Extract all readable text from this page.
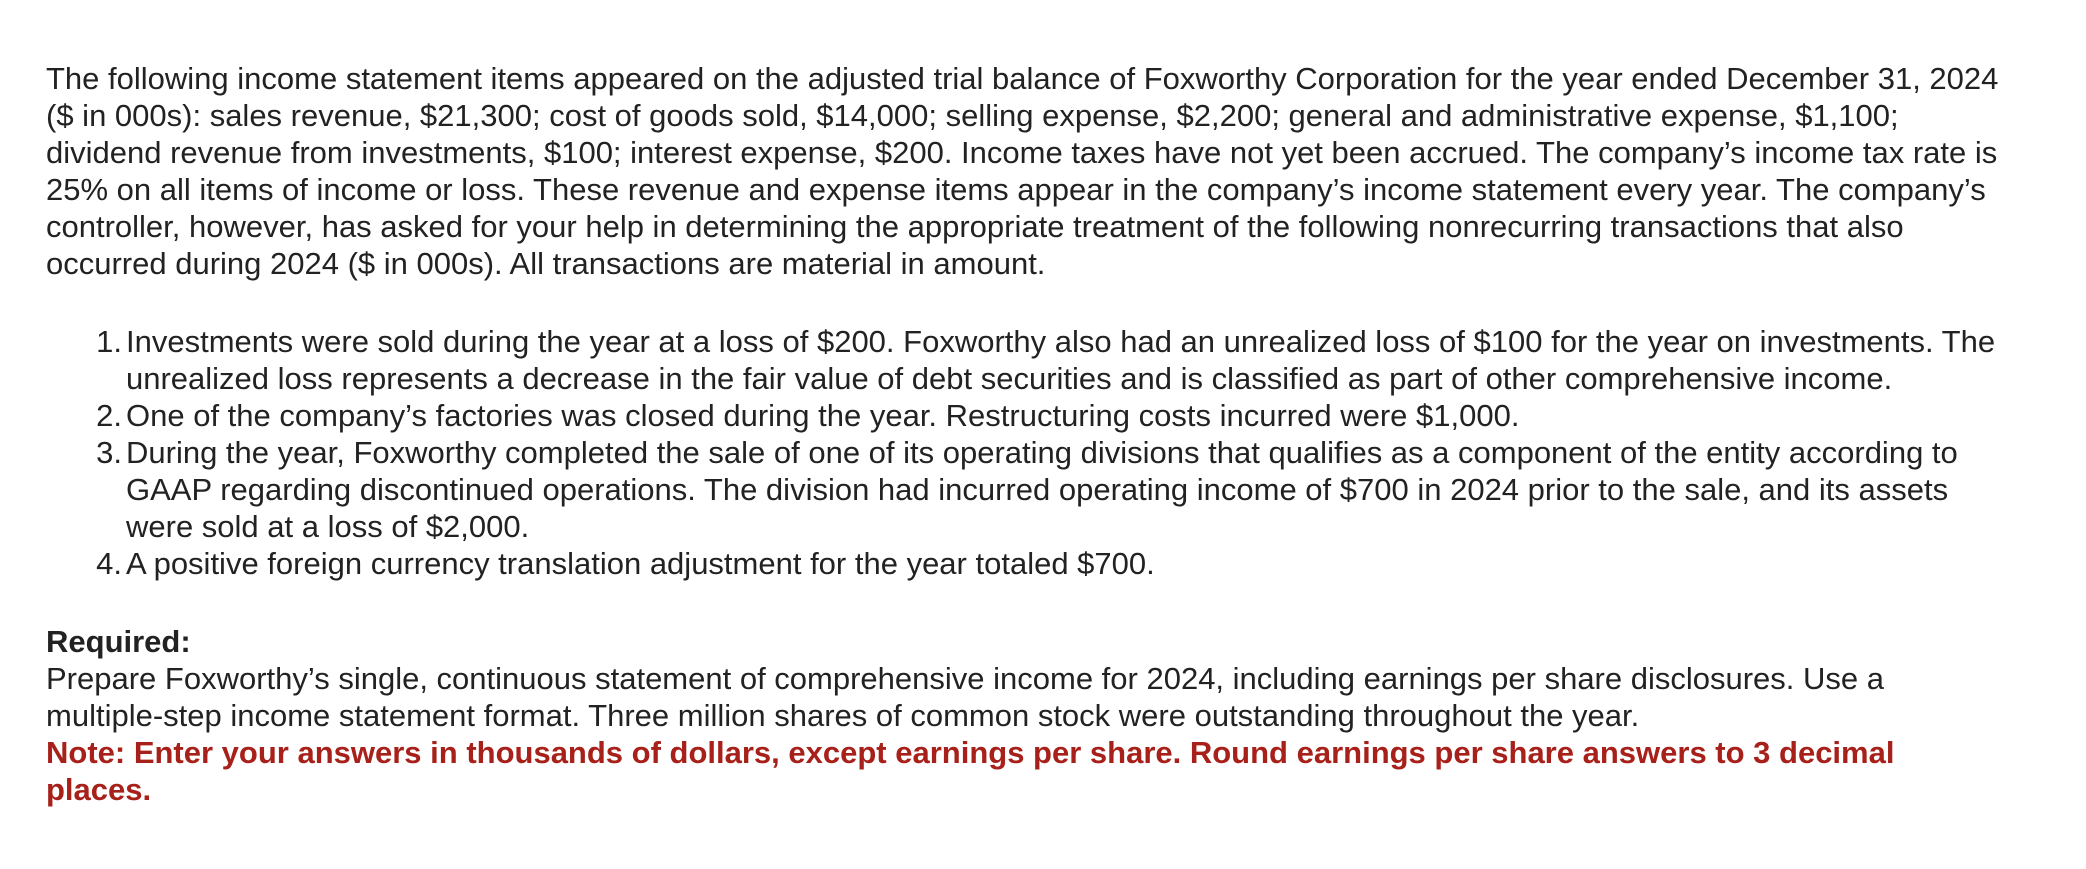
The following income statement items appeared on the adjusted trial balance of Foxworthy Corporation for the year ended December 31, 2024 ($ in 000s): sales revenue, $21,300; cost of goods sold, $14,000; selling expense, $2,200; general and administrative expense, $1,100; dividend revenue from investments, $100; interest expense, $200. Income taxes have not yet been accrued. The company’s income tax rate is 25% on all items of income or loss. These revenue and expense items appear in the company’s income statement every year. The company’s controller, however, has asked for your help in determining the appropriate treatment of the following nonrecurring transactions that also occurred during 2024 ($ in 000s). All transactions are material in amount.

1. Investments were sold during the year at a loss of $200. Foxworthy also had an unrealized loss of $100 for the year on investments. The unrealized loss represents a decrease in the fair value of debt securities and is classified as part of other comprehensive income.
2. One of the company’s factories was closed during the year. Restructuring costs incurred were $1,000.
3. During the year, Foxworthy completed the sale of one of its operating divisions that qualifies as a component of the entity according to GAAP regarding discontinued operations. The division had incurred operating income of $700 in 2024 prior to the sale, and its assets were sold at a loss of $2,000.
4. A positive foreign currency translation adjustment for the year totaled $700.

Required:

Prepare Foxworthy’s single, continuous statement of comprehensive income for 2024, including earnings per share disclosures. Use a multiple-step income statement format. Three million shares of common stock were outstanding throughout the year.

Note: Enter your answers in thousands of dollars, except earnings per share. Round earnings per share answers to 3 decimal places.
